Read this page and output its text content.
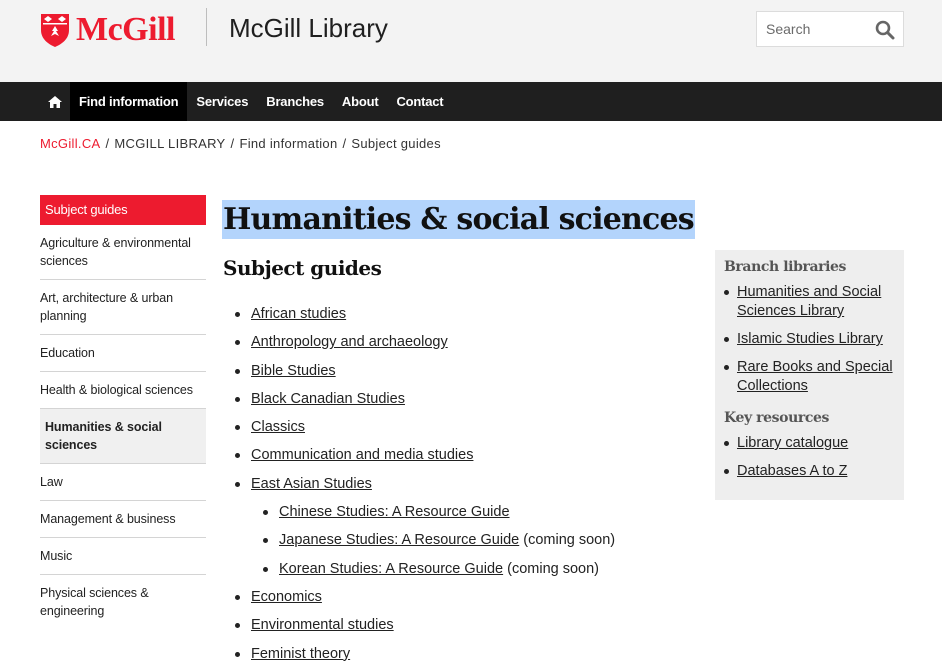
McGill McGill Library
Search
Find information	Services	Branches	About	Contact
McGill.CA / MCGILL LIBRARY / Find information / Subject guides
Subject guides
Agriculture & environmental sciences
Art, architecture & urban planning
Education
Health & biological sciences
Humanities & social sciences
Law
Management & business
Music
Physical sciences & engineering
Humanities & social sciences
Subject guides
African studies
Anthropology and archaeology
Bible Studies
Black Canadian Studies
Classics
Communication and media studies
East Asian Studies
Chinese Studies: A Resource Guide
Japanese Studies: A Resource Guide (coming soon)
Korean Studies: A Resource Guide (coming soon)
Economics
Environmental studies
Feminist theory
Branch libraries
Humanities and Social Sciences Library
Islamic Studies Library
Rare Books and Special Collections
Key resources
Library catalogue
Databases A to Z
